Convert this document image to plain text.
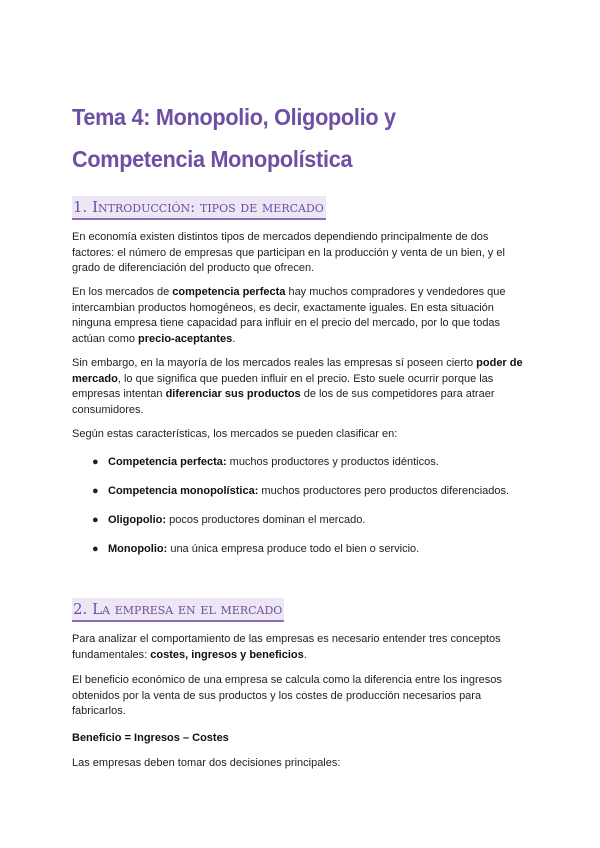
Tema 4: Monopolio, Oligopolio y Competencia Monopolística
1. Introducción: tipos de mercado
En economía existen distintos tipos de mercados dependiendo principalmente de dos factores: el número de empresas que participan en la producción y venta de un bien, y el grado de diferenciación del producto que ofrecen.
En los mercados de competencia perfecta hay muchos compradores y vendedores que intercambian productos homogéneos, es decir, exactamente iguales. En esta situación ninguna empresa tiene capacidad para influir en el precio del mercado, por lo que todas actúan como precio-aceptantes.
Sin embargo, en la mayoría de los mercados reales las empresas sí poseen cierto poder de mercado, lo que significa que pueden influir en el precio. Esto suele ocurrir porque las empresas intentan diferenciar sus productos de los de sus competidores para atraer consumidores.
Según estas características, los mercados se pueden clasificar en:
● Competencia perfecta: muchos productores y productos idénticos.
● Competencia monopolística: muchos productores pero productos diferenciados.
● Oligopolio: pocos productores dominan el mercado.
● Monopolio: una única empresa produce todo el bien o servicio.
2. La empresa en el mercado
Para analizar el comportamiento de las empresas es necesario entender tres conceptos fundamentales: costes, ingresos y beneficios.
El beneficio económico de una empresa se calcula como la diferencia entre los ingresos obtenidos por la venta de sus productos y los costes de producción necesarios para fabricarlos.
Beneficio = Ingresos – Costes
Las empresas deben tomar dos decisiones principales:
